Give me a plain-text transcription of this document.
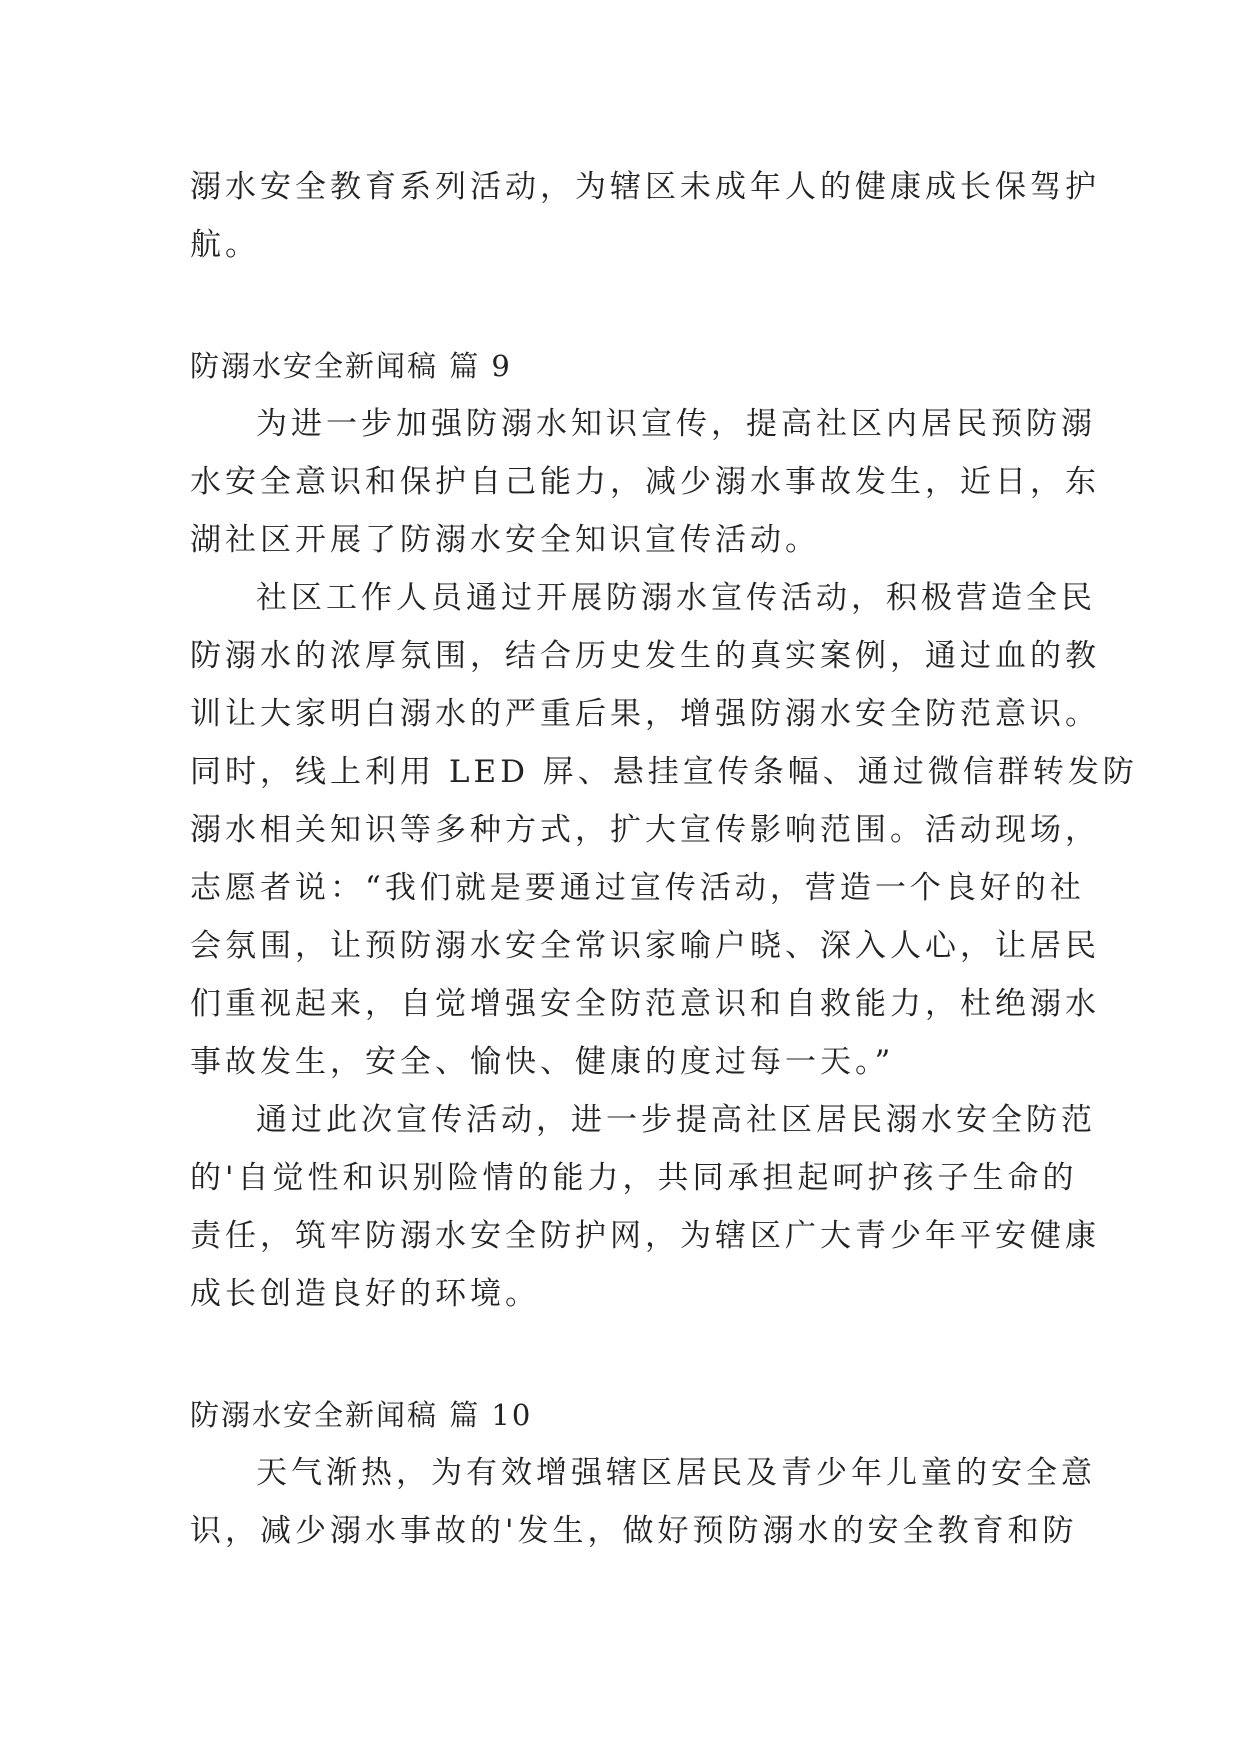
溺水安全教育系列活动，为辖区未成年人的健康成长保驾护
航。
防溺水安全新闻稿 篇 9
为进一步加强防溺水知识宣传，提高社区内居民预防溺
水安全意识和保护自己能力，减少溺水事故发生，近日，东
湖社区开展了防溺水安全知识宣传活动。
社区工作人员通过开展防溺水宣传活动，积极营造全民
防溺水的浓厚氛围，结合历史发生的真实案例，通过血的教
训让大家明白溺水的严重后果，增强防溺水安全防范意识。
同时，线上利用 LED 屏、悬挂宣传条幅、通过微信群转发防
溺水相关知识等多种方式，扩大宣传影响范围。活动现场，
志愿者说：“我们就是要通过宣传活动，营造一个良好的社
会氛围，让预防溺水安全常识家喻户晓、深入人心，让居民
们重视起来，自觉增强安全防范意识和自救能力，杜绝溺水
事故发生，安全、愉快、健康的度过每一天。”
通过此次宣传活动，进一步提高社区居民溺水安全防范
的'自觉性和识别险情的能力，共同承担起呵护孩子生命的
责任，筑牢防溺水安全防护网，为辖区广大青少年平安健康
成长创造良好的环境。
防溺水安全新闻稿 篇 10
天气渐热，为有效增强辖区居民及青少年儿童的安全意
识，减少溺水事故的'发生，做好预防溺水的安全教育和防
